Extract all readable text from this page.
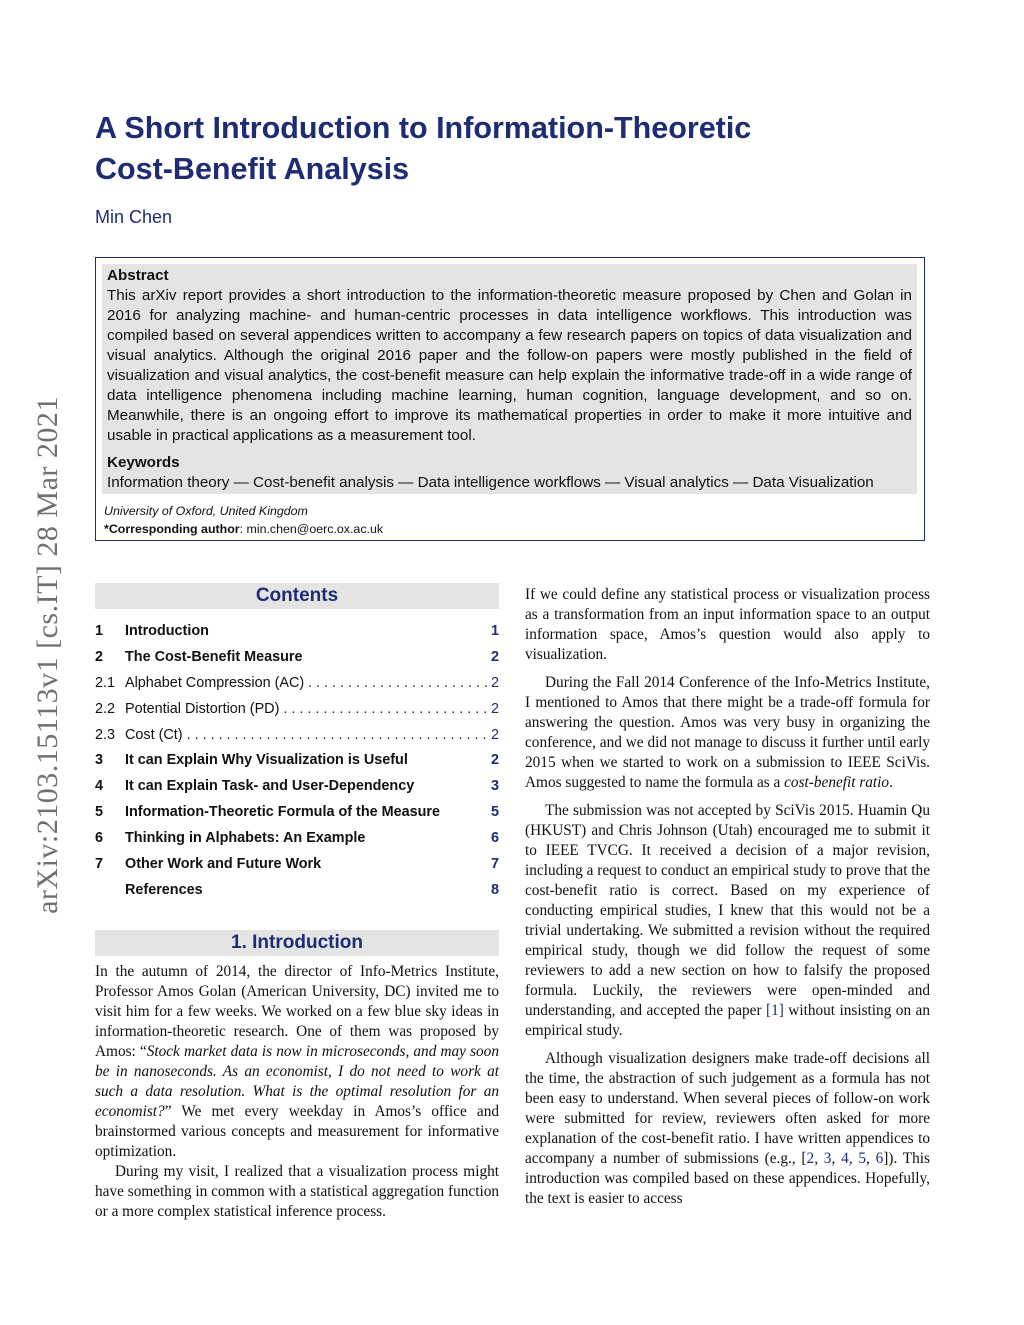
arXiv:2103.15113v1 [cs.IT] 28 Mar 2021
A Short Introduction to Information-Theoretic
Cost-Benefit Analysis
Min Chen
Abstract

This arXiv report provides a short introduction to the information-theoretic measure proposed by Chen and Golan in 2016 for analyzing machine- and human-centric processes in data intelligence workflows. This introduction was compiled based on several appendices written to accompany a few research papers on topics of data visualization and visual analytics. Although the original 2016 paper and the follow-on papers were mostly published in the field of visualization and visual analytics, the cost-benefit measure can help explain the informative trade-off in a wide range of data intelligence phenomena including machine learning, human cognition, language development, and so on. Meanwhile, there is an ongoing effort to improve its mathematical properties in order to make it more intuitive and usable in practical applications as a measurement tool.

Keywords

Information theory — Cost-benefit analysis — Data intelligence workflows — Visual analytics — Data Visualization

University of Oxford, United Kingdom
*Corresponding author: min.chen@oerc.ox.ac.uk
Contents
1	Introduction	1
2	The Cost-Benefit Measure	2
2.1 Alphabet Compression (AC) . . .	2
2.2 Potential Distortion (PD) . . .	2
2.3 Cost (Ct) . . .	2
3	It can Explain Why Visualization is Useful	2
4	It can Explain Task- and User-Dependency	3
5	Information-Theoretic Formula of the Measure	5
6	Thinking in Alphabets: An Example	6
7	Other Work and Future Work	7
References	8
1. Introduction

In the autumn of 2014, the director of Info-Metrics Institute, Professor Amos Golan (American University, DC) invited me to visit him for a few weeks. We worked on a few blue sky ideas in information-theoretic research. One of them was proposed by Amos: “Stock market data is now in microseconds, and may soon be in nanoseconds. As an economist, I do not need to work at such a data resolution. What is the optimal resolution for an economist?” We met every weekday in Amos’s office and brainstormed various concepts and measurement for informative optimization.

During my visit, I realized that a visualization process might have something in common with a statistical aggregation function or a more complex statistical inference process.

If we could define any statistical process or visualization process as a transformation from an input information space to an output information space, Amos’s question would also apply to visualization.

During the Fall 2014 Conference of the Info-Metrics Institute, I mentioned to Amos that there might be a trade-off formula for answering the question. Amos was very busy in organizing the conference, and we did not manage to discuss it further until early 2015 when we started to work on a submission to IEEE SciVis. Amos suggested to name the formula as a cost-benefit ratio.

The submission was not accepted by SciVis 2015. Huamin Qu (HKUST) and Chris Johnson (Utah) encouraged me to submit it to IEEE TVCG. It received a decision of a major revision, including a request to conduct an empirical study to prove that the cost-benefit ratio is correct. Based on my experience of conducting empirical studies, I knew that this would not be a trivial undertaking. We submitted a revision without the required empirical study, though we did follow the request of some reviewers to add a new section on how to falsify the proposed formula. Luckily, the reviewers were open-minded and understanding, and accepted the paper [1] without insisting on an empirical study.

Although visualization designers make trade-off decisions all the time, the abstraction of such judgement as a formula has not been easy to understand. When several pieces of follow-on work were submitted for review, reviewers often asked for more explanation of the cost-benefit ratio. I have written appendices to accompany a number of submissions (e.g., [2, 3, 4, 5, 6]). This introduction was compiled based on these appendices. Hopefully, the text is easier to access
